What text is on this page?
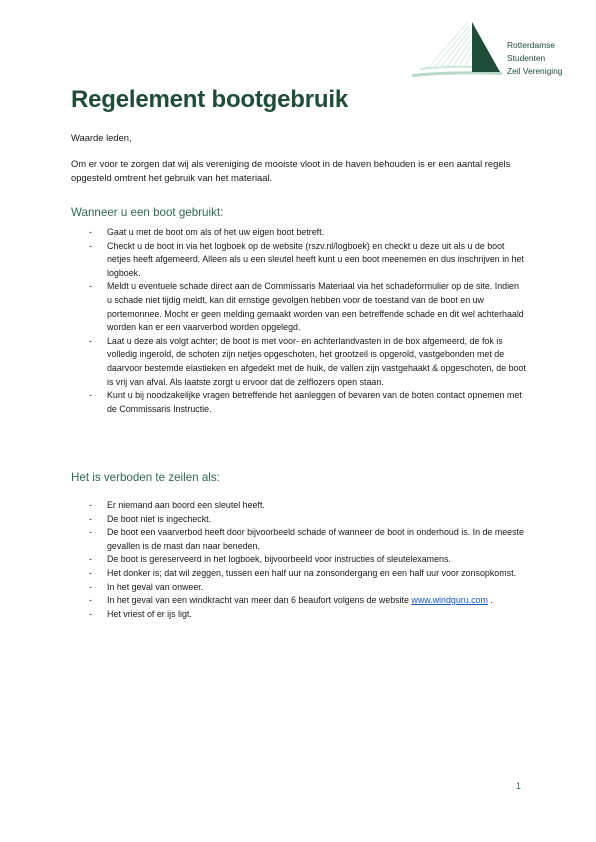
Rotterdamse
Studenten
Zeil Vereniging
Regelement bootgebruik

Waarde leden,

Om er voor te zorgen dat wij als vereniging de mooiste vloot in de haven behouden is er een aantal regels opgesteld omtrent het gebruik van het materiaal.

Wanneer u een boot gebruikt:
- Gaat u met de boot om als of het uw eigen boot betreft.
- Checkt u de boot in via het logboek op de website (rszv.nl/logboek) en checkt u deze uit als u de boot netjes heeft afgemeerd. Alleen als u een sleutel heeft kunt u een boot meenemen en dus inschrijven in het logboek.
- Meldt u eventuele schade direct aan de Commissaris Materiaal via het schadeformulier op de site. Indien u schade niet tijdig meldt, kan dit ernstige gevolgen hebben voor de toestand van de boot en uw portemonnee. Mocht er geen melding gemaakt worden van een betreffende schade en dit wel achterhaald worden kan er een vaarverbod worden opgelegd.
- Laat u deze als volgt achter; de boot is met voor- en achterlandvasten in de box afgemeerd, de fok is volledig ingerold, de schoten zijn netjes opgeschoten, het grootzeil is opgerold, vastgebonden met de daarvoor bestemde elastieken en afgedekt met de huik, de vallen zijn vastgehaakt & opgeschoten, de boot is vrij van afval. Als laatste zorgt u ervoor dat de zelflozers open staan.
- Kunt u bij noodzakelijke vragen betreffende het aanleggen of bevaren van de boten contact opnemen met de Commissaris Instructie.
Het is verboden te zeilen als:
- Er niemand aan boord een sleutel heeft.
- De boot niet is ingecheckt.
- De boot een vaarverbod heeft door bijvoorbeeld schade of wanneer de boot in onderhoud is. In de meeste gevallen is de mast dan naar beneden.
- De boot is gereserveerd in het logboek, bijvoorbeeld voor instructies of sleutelexamens.
- Het donker is; dat wil zeggen, tussen een half uur na zonsondergang en een half uur voor zonsopkomst.
- In het geval van onweer.
- In het geval van een windkracht van meer dan 6 beaufort volgens de website www.windguru.com .
- Het vriest of er ijs ligt.
1
